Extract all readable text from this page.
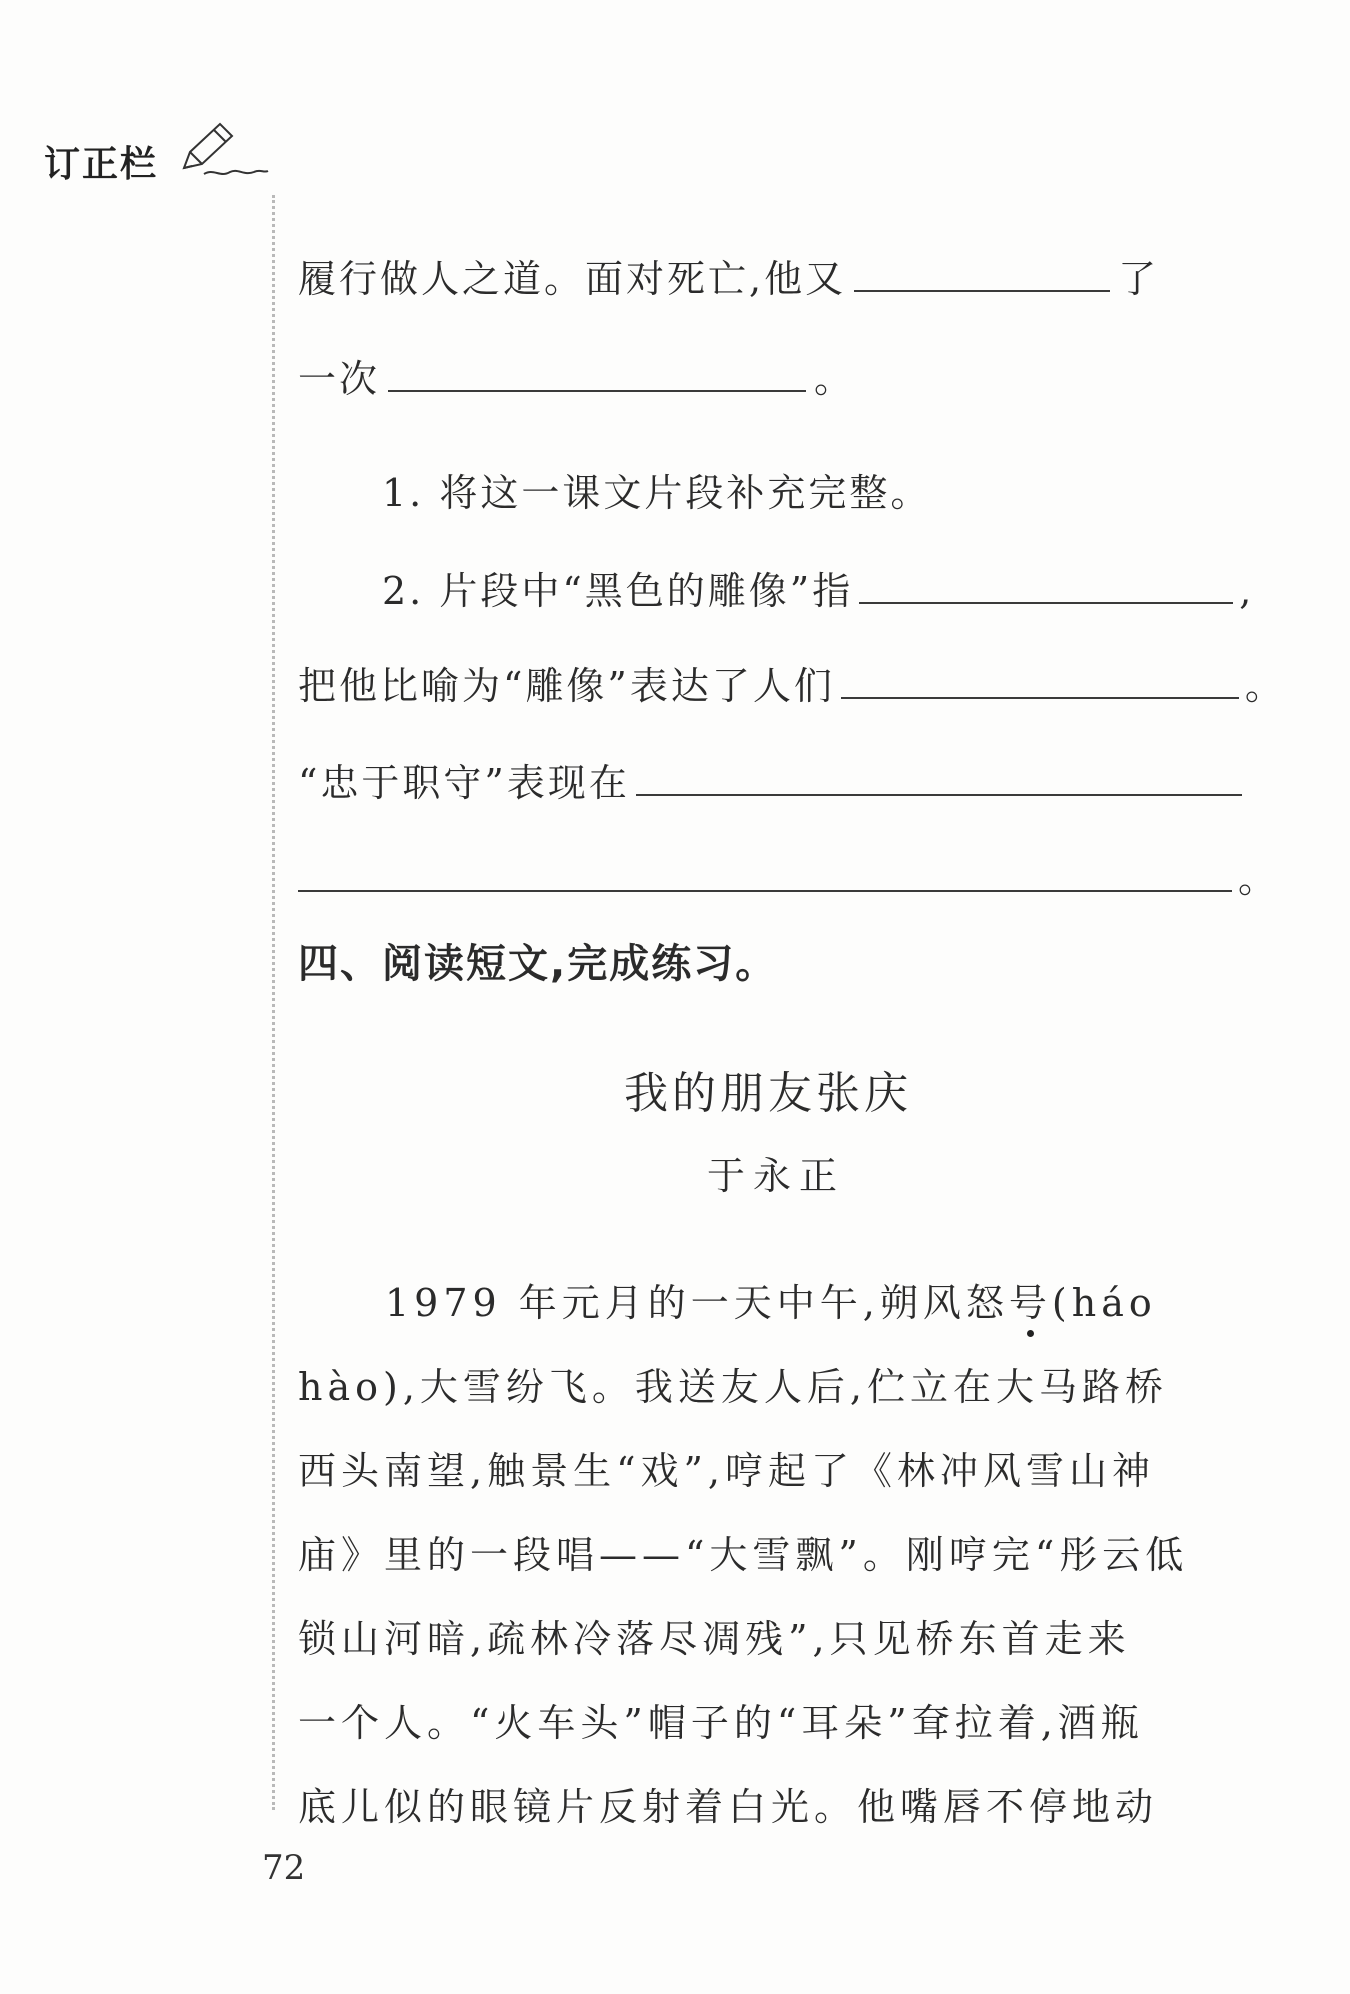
订正栏
履行做人之道。面对死亡,他又	了
一次	。
1. 将这一课文片段补充完整。
2. 片段中“黑色的雕像”指	,
把他比喻为“雕像”表达了人们	。
“忠于职守”表现在
。
四、阅读短文,完成练习。
我的朋友张庆
于永正
1979 年元月的一天中午,朔风怒号(háo
hào),大雪纷飞。我送友人后,伫立在大马路桥
西头南望,触景生“戏”,哼起了《林冲风雪山神
庙》里的一段唱——“大雪飘”。刚哼完“彤云低
锁山河暗,疏林冷落尽凋残”,只见桥东首走来
一个人。“火车头”帽子的“耳朵”耷拉着,酒瓶
底儿似的眼镜片反射着白光。他嘴唇不停地动
72
